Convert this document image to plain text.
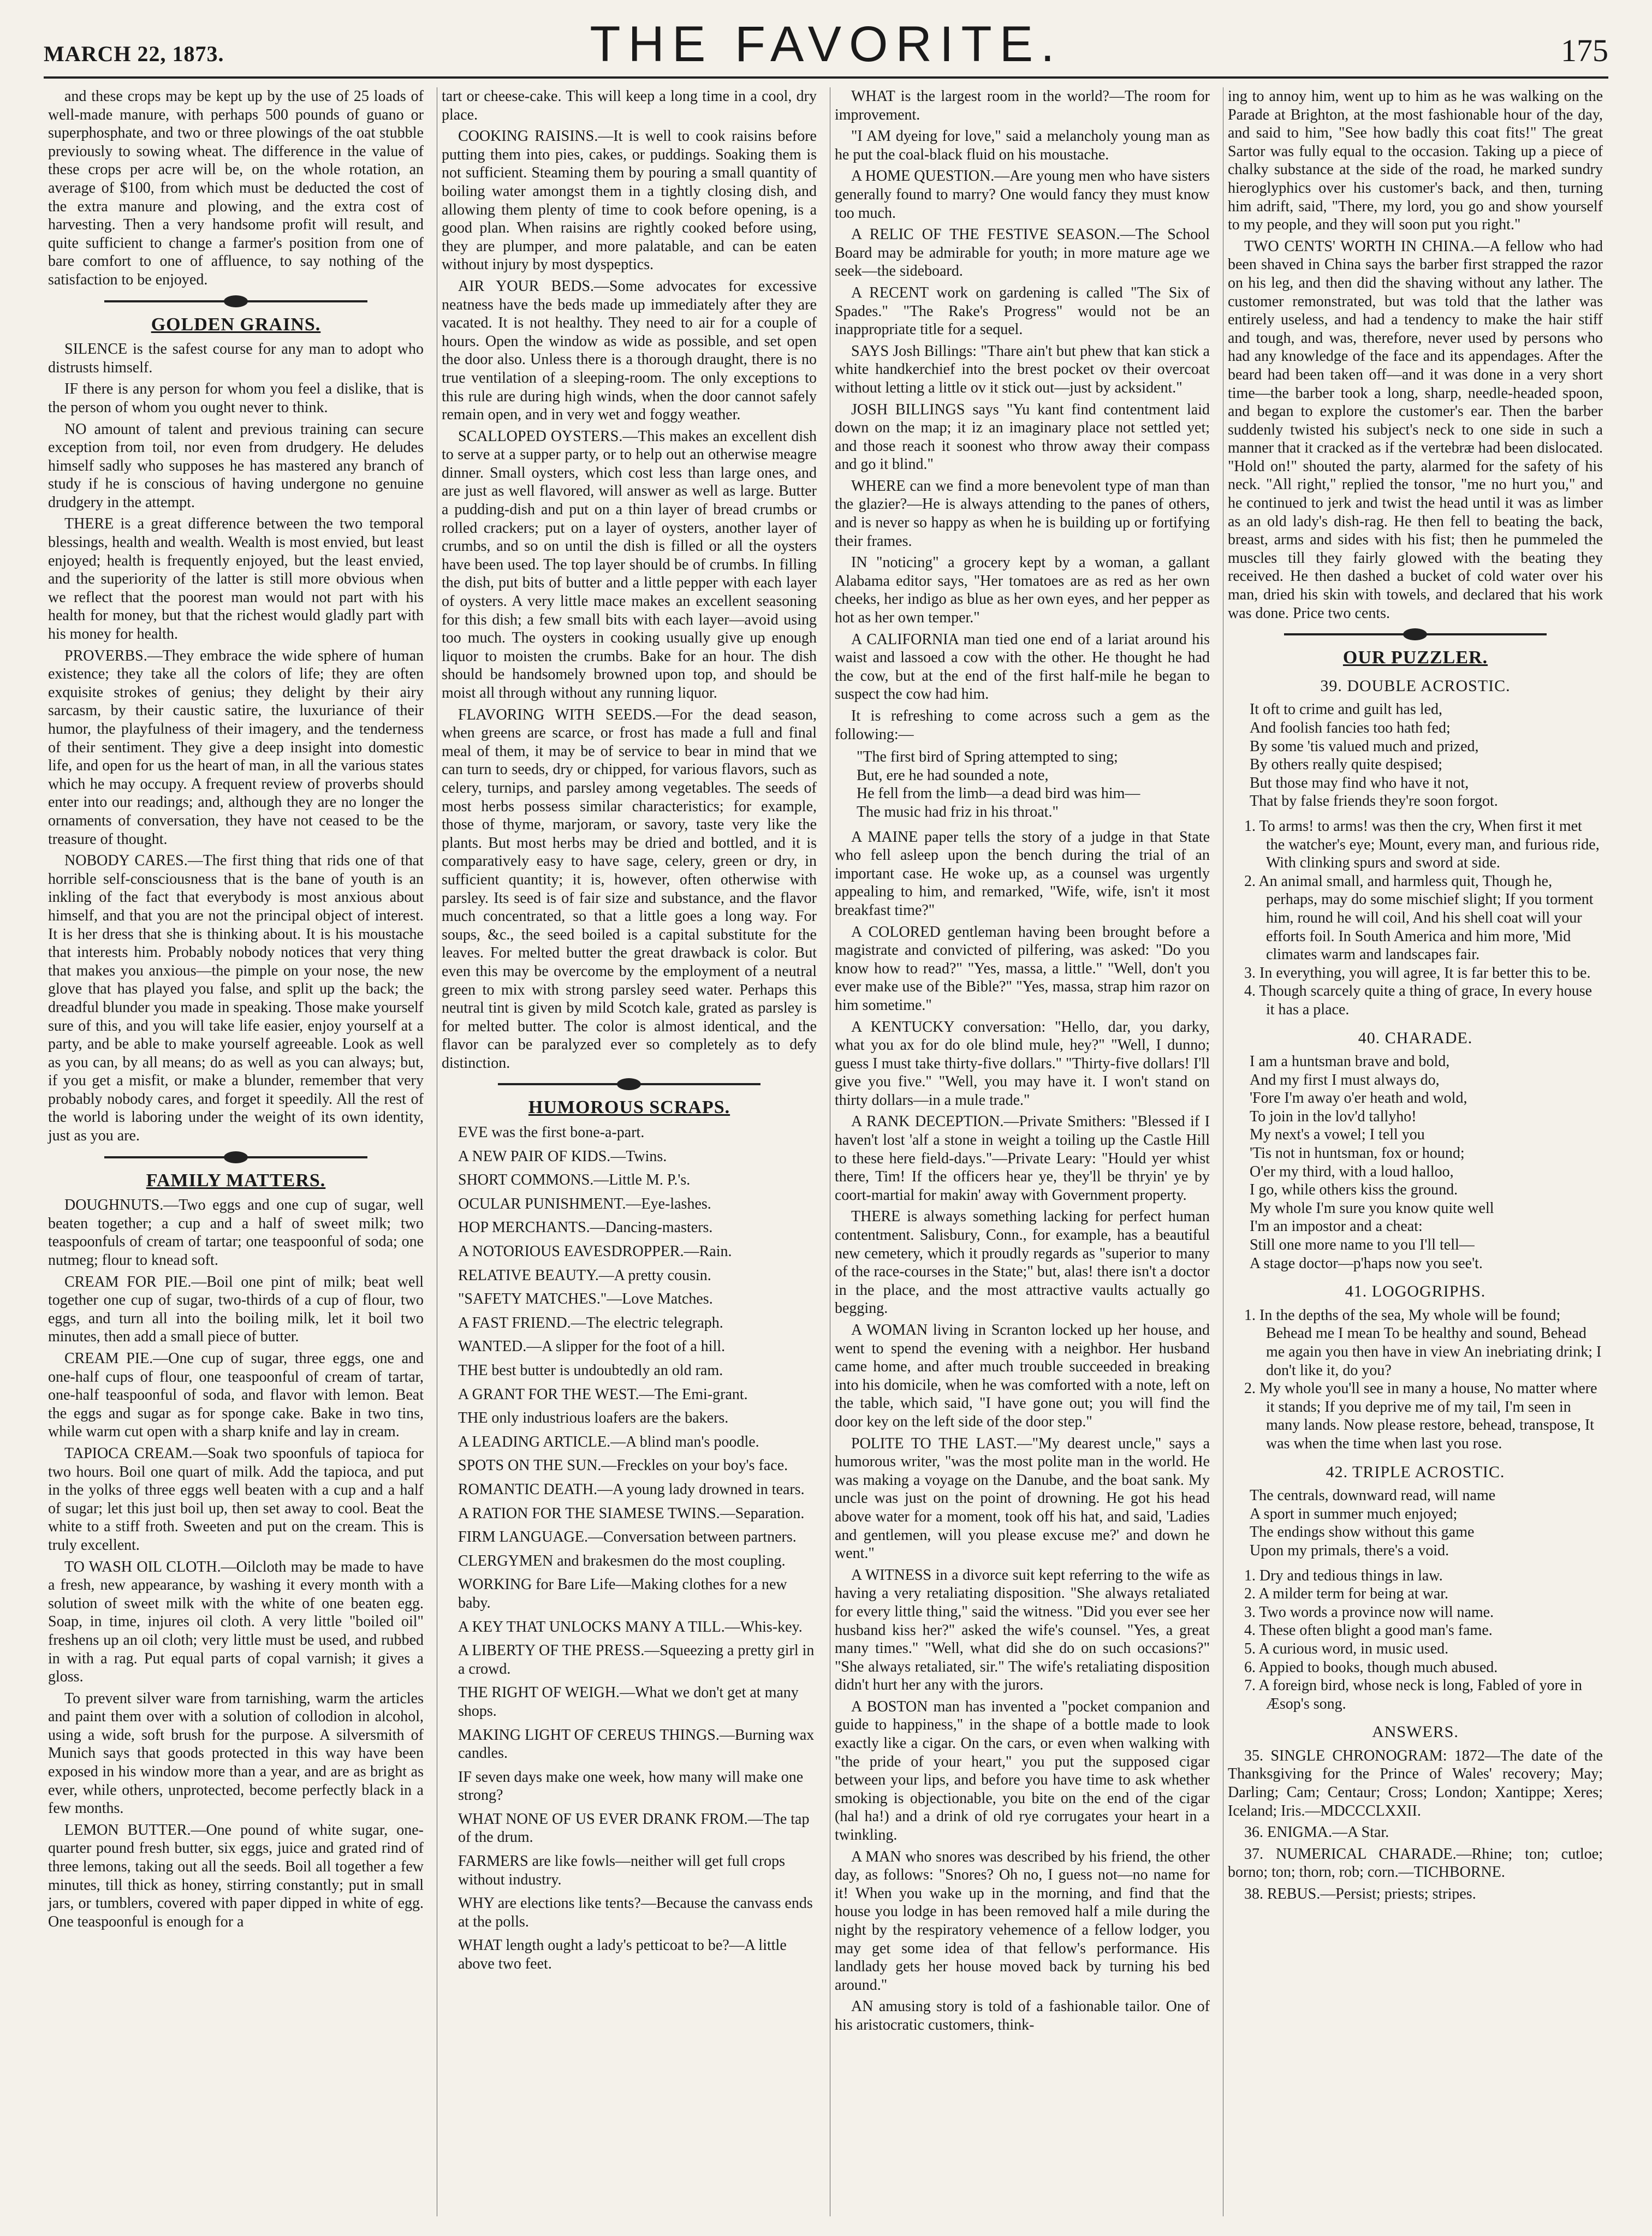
MARCH 22, 1873.	THE FAVORITE.	175

and these crops may be kept up by the use of 25 loads of well-made manure, with perhaps 500 pounds of guano or superphosphate, and two or three plowings of the oat stubble previously to sowing wheat. The difference in the value of these crops per acre will be, on the whole rotation, an average of $100, from which must be deducted the cost of the extra manure and plowing, and the extra cost of harvesting. Then a very handsome profit will result, and quite sufficient to change a farmer's position from one of bare comfort to one of affluence, to say nothing of the satisfaction to be enjoyed.

GOLDEN GRAINS.

SILENCE is the safest course for any man to adopt who distrusts himself.

IF there is any person for whom you feel a dislike, that is the person of whom you ought never to think.

NO amount of talent and previous training can secure exception from toil, nor even from drudgery. He deludes himself sadly who supposes he has mastered any branch of study if he is conscious of having undergone no genuine drudgery in the attempt.

THERE is a great difference between the two temporal blessings, health and wealth. Wealth is most envied, but least enjoyed; health is frequently enjoyed, but the least envied, and the superiority of the latter is still more obvious when we reflect that the poorest man would not part with his health for money, but that the richest would gladly part with his money for health.

PROVERBS.—They embrace the wide sphere of human existence; they take all the colors of life; they are often exquisite strokes of genius; they delight by their airy sarcasm, by their caustic satire, the luxuriance of their humor, the playfulness of their imagery, and the tenderness of their sentiment. They give a deep insight into domestic life, and open for us the heart of man, in all the various states which he may occupy. A frequent review of proverbs should enter into our readings; and, although they are no longer the ornaments of conversation, they have not ceased to be the treasure of thought.

NOBODY CARES.—The first thing that rids one of that horrible self-consciousness that is the bane of youth is an inkling of the fact that everybody is most anxious about himself, and that you are not the principal object of interest. It is her dress that she is thinking about. It is his moustache that interests him. Probably nobody notices that very thing that makes you anxious—the pimple on your nose, the new glove that has played you false, and split up the back; the dreadful blunder you made in speaking. Those make yourself sure of this, and you will take life easier, enjoy yourself at a party, and be able to make yourself agreeable. Look as well as you can, by all means; do as well as you can always; but, if you get a misfit, or make a blunder, remember that very probably nobody cares, and forget it speedily. All the rest of the world is laboring under the weight of its own identity, just as you are.

FAMILY MATTERS.

DOUGHNUTS.—Two eggs and one cup of sugar, well beaten together; a cup and a half of sweet milk; two teaspoonfuls of cream of tartar; one teaspoonful of soda; one nutmeg; flour to knead soft.

CREAM FOR PIE.—Boil one pint of milk; beat well together one cup of sugar, two-thirds of a cup of flour, two eggs, and turn all into the boiling milk, let it boil two minutes, then add a small piece of butter.

CREAM PIE.—One cup of sugar, three eggs, one and one-half cups of flour, one teaspoonful of cream of tartar, one-half teaspoonful of soda, and flavor with lemon. Beat the eggs and sugar as for sponge cake. Bake in two tins, while warm cut open with a sharp knife and lay in cream.

TAPIOCA CREAM.—Soak two spoonfuls of tapioca for two hours. Boil one quart of milk. Add the tapioca, and put in the yolks of three eggs well beaten with a cup and a half of sugar; let this just boil up, then set away to cool. Beat the white to a stiff froth. Sweeten and put on the cream. This is truly excellent.

TO WASH OIL CLOTH.—Oilcloth may be made to have a fresh, new appearance, by washing it every month with a solution of sweet milk with the white of one beaten egg. Soap, in time, injures oil cloth. A very little "boiled oil" freshens up an oil cloth; very little must be used, and rubbed in with a rag. Put equal parts of copal varnish; it gives a gloss.

To prevent silver ware from tarnishing, warm the articles and paint them over with a solution of collodion in alcohol, using a wide, soft brush for the purpose. A silversmith of Munich says that goods protected in this way have been exposed in his window more than a year, and are as bright as ever, while others, unprotected, become perfectly black in a few months.

LEMON BUTTER.—One pound of white sugar, one-quarter pound fresh butter, six eggs, juice and grated rind of three lemons, taking out all the seeds. Boil all together a few minutes, till thick as honey, stirring constantly; put in small jars, or tumblers, covered with paper dipped in white of egg. One teaspoonful is enough for a

tart or cheese-cake. This will keep a long time in a cool, dry place.

COOKING RAISINS.—It is well to cook raisins before putting them into pies, cakes, or puddings. Soaking them is not sufficient. Steaming them by pouring a small quantity of boiling water amongst them in a tightly closing dish, and allowing them plenty of time to cook before opening, is a good plan. When raisins are rightly cooked before using, they are plumper, and more palatable, and can be eaten without injury by most dyspeptics.

AIR YOUR BEDS.—Some advocates for excessive neatness have the beds made up immediately after they are vacated. It is not healthy. They need to air for a couple of hours. Open the window as wide as possible, and set open the door also. Unless there is a thorough draught, there is no true ventilation of a sleeping-room. The only exceptions to this rule are during high winds, when the door cannot safely remain open, and in very wet and foggy weather.

SCALLOPED OYSTERS.—This makes an excellent dish to serve at a supper party, or to help out an otherwise meagre dinner. Small oysters, which cost less than large ones, and are just as well flavored, will answer as well as large. Butter a pudding-dish and put on a thin layer of bread crumbs or rolled crackers; put on a layer of oysters, another layer of crumbs, and so on until the dish is filled or all the oysters have been used. The top layer should be of crumbs. In filling the dish, put bits of butter and a little pepper with each layer of oysters. A very little mace makes an excellent seasoning for this dish; a few small bits with each layer—avoid using too much. The oysters in cooking usually give up enough liquor to moisten the crumbs. Bake for an hour. The dish should be handsomely browned upon top, and should be moist all through without any running liquor.

FLAVORING WITH SEEDS.—For the dead season, when greens are scarce, or frost has made a full and final meal of them, it may be of service to bear in mind that we can turn to seeds, dry or chipped, for various flavors, such as celery, turnips, and parsley among vegetables. The seeds of most herbs possess similar characteristics; for example, those of thyme, marjoram, or savory, taste very like the plants. But most herbs may be dried and bottled, and it is comparatively easy to have sage, celery, green or dry, in sufficient quantity; it is, however, often otherwise with parsley. Its seed is of fair size and substance, and the flavor much concentrated, so that a little goes a long way. For soups, &c., the seed boiled is a capital substitute for the leaves. For melted butter the great drawback is color. But even this may be overcome by the employment of a neutral green to mix with strong parsley seed water. Perhaps this neutral tint is given by mild Scotch kale, grated as parsley is for melted butter. The color is almost identical, and the flavor can be paralyzed ever so completely as to defy distinction.

HUMOROUS SCRAPS.

EVE was the first bone-a-part.

A NEW PAIR OF KIDS.—Twins.

SHORT COMMONS.—Little M. P.'s.

OCULAR PUNISHMENT.—Eye-lashes.

HOP MERCHANTS.—Dancing-masters.

A NOTORIOUS EAVESDROPPER.—Rain.

RELATIVE BEAUTY.—A pretty cousin.

"SAFETY MATCHES."—Love Matches.

A FAST FRIEND.—The electric telegraph.

WANTED.—A slipper for the foot of a hill.

THE best butter is undoubtedly an old ram.

A GRANT FOR THE WEST.—The Emi-grant.

THE only industrious loafers are the bakers.

A LEADING ARTICLE.—A blind man's poodle.

SPOTS ON THE SUN.—Freckles on your boy's face.

ROMANTIC DEATH.—A young lady drowned in tears.

A RATION FOR THE SIAMESE TWINS.—Separation.

FIRM LANGUAGE.—Conversation between partners.

CLERGYMEN and brakesmen do the most coupling.

WORKING for Bare Life—Making clothes for a new baby.

A KEY THAT UNLOCKS MANY A TILL.—Whis-key.

A LIBERTY OF THE PRESS.—Squeezing a pretty girl in a crowd.

THE RIGHT OF WEIGH.—What we don't get at many shops.

MAKING LIGHT OF CEREUS THINGS.—Burning wax candles.

IF seven days make one week, how many will make one strong?

WHAT NONE OF US EVER DRANK FROM.—The tap of the drum.

FARMERS are like fowls—neither will get full crops without industry.

WHY are elections like tents?—Because the canvass ends at the polls.

WHAT length ought a lady's petticoat to be?—A little above two feet.

WHAT is the largest room in the world?—The room for improvement.

"I AM dyeing for love," said a melancholy young man as he put the coal-black fluid on his moustache.

A HOME QUESTION.—Are young men who have sisters generally found to marry? One would fancy they must know too much.

A RELIC OF THE FESTIVE SEASON.—The School Board may be admirable for youth; in more mature age we seek—the sideboard.

A RECENT work on gardening is called "The Six of Spades." "The Rake's Progress" would not be an inappropriate title for a sequel.

SAYS Josh Billings: "Thare ain't but phew that kan stick a white handkerchief into the brest pocket ov their overcoat without letting a little ov it stick out—just by acksident."

JOSH BILLINGS says "Yu kant find contentment laid down on the map; it iz an imaginary place not settled yet; and those reach it soonest who throw away their compass and go it blind."

WHERE can we find a more benevolent type of man than the glazier?—He is always attending to the panes of others, and is never so happy as when he is building up or fortifying their frames.

IN "noticing" a grocery kept by a woman, a gallant Alabama editor says, "Her tomatoes are as red as her own cheeks, her indigo as blue as her own eyes, and her pepper as hot as her own temper."

A CALIFORNIA man tied one end of a lariat around his waist and lassoed a cow with the other. He thought he had the cow, but at the end of the first half-mile he began to suspect the cow had him.

It is refreshing to come across such a gem as the following:—

"The first bird of Spring attempted to sing;
But, ere he had sounded a note,
He fell from the limb—a dead bird was him—
The music had friz in his throat."

A MAINE paper tells the story of a judge in that State who fell asleep upon the bench during the trial of an important case. He woke up, as a counsel was urgently appealing to him, and remarked, "Wife, wife, isn't it most breakfast time?"

A COLORED gentleman having been brought before a magistrate and convicted of pilfering, was asked: "Do you know how to read?" "Yes, massa, a little." "Well, don't you ever make use of the Bible?" "Yes, massa, strap him razor on him sometime."

A KENTUCKY conversation: "Hello, dar, you darky, what you ax for do ole blind mule, hey?" "Well, I dunno; guess I must take thirty-five dollars." "Thirty-five dollars! I'll give you five." "Well, you may have it. I won't stand on thirty dollars—in a mule trade."

A RANK DECEPTION.—Private Smithers: "Blessed if I haven't lost 'alf a stone in weight a toiling up the Castle Hill to these here field-days."—Private Leary: "Hould yer whist there, Tim! If the officers hear ye, they'll be thryin' ye by coort-martial for makin' away with Government property.

THERE is always something lacking for perfect human contentment. Salisbury, Conn., for example, has a beautiful new cemetery, which it proudly regards as "superior to many of the race-courses in the State;" but, alas! there isn't a doctor in the place, and the most attractive vaults actually go begging.

A WOMAN living in Scranton locked up her house, and went to spend the evening with a neighbor. Her husband came home, and after much trouble succeeded in breaking into his domicile, when he was comforted with a note, left on the table, which said, "I have gone out; you will find the door key on the left side of the door step."

POLITE TO THE LAST.—"My dearest uncle," says a humorous writer, "was the most polite man in the world. He was making a voyage on the Danube, and the boat sank. My uncle was just on the point of drowning. He got his head above water for a moment, took off his hat, and said, 'Ladies and gentlemen, will you please excuse me?' and down he went."

A WITNESS in a divorce suit kept referring to the wife as having a very retaliating disposition. "She always retaliated for every little thing," said the witness. "Did you ever see her husband kiss her?" asked the wife's counsel. "Yes, a great many times." "Well, what did she do on such occasions?" "She always retaliated, sir." The wife's retaliating disposition didn't hurt her any with the jurors.

A BOSTON man has invented a "pocket companion and guide to happiness," in the shape of a bottle made to look exactly like a cigar. On the cars, or even when walking with "the pride of your heart," you put the supposed cigar between your lips, and before you have time to ask whether smoking is objectionable, you bite on the end of the cigar (hal ha!) and a drink of old rye corrugates your heart in a twinkling.

A MAN who snores was described by his friend, the other day, as follows: "Snores? Oh no, I guess not—no name for it! When you wake up in the morning, and find that the house you lodge in has been removed half a mile during the night by the respiratory vehemence of a fellow lodger, you may get some idea of that fellow's performance. His landlady gets her house moved back by turning his bed around."

AN amusing story is told of a fashionable tailor. One of his aristocratic customers, think-

ing to annoy him, went up to him as he was walking on the Parade at Brighton, at the most fashionable hour of the day, and said to him, "See how badly this coat fits!" The great Sartor was fully equal to the occasion. Taking up a piece of chalky substance at the side of the road, he marked sundry hieroglyphics over his customer's back, and then, turning him adrift, said, "There, my lord, you go and show yourself to my people, and they will soon put you right."

TWO CENTS' WORTH IN CHINA.—A fellow who had been shaved in China says the barber first strapped the razor on his leg, and then did the shaving without any lather. The customer remonstrated, but was told that the lather was entirely useless, and had a tendency to make the hair stiff and tough, and was, therefore, never used by persons who had any knowledge of the face and its appendages. After the beard had been taken off—and it was done in a very short time—the barber took a long, sharp, needle-headed spoon, and began to explore the customer's ear. Then the barber suddenly twisted his subject's neck to one side in such a manner that it cracked as if the vertebræ had been dislocated. "Hold on!" shouted the party, alarmed for the safety of his neck. "All right," replied the tonsor, "me no hurt you," and he continued to jerk and twist the head until it was as limber as an old lady's dish-rag. He then fell to beating the back, breast, arms and sides with his fist; then he pummeled the muscles till they fairly glowed with the beating they received. He then dashed a bucket of cold water over his man, dried his skin with towels, and declared that his work was done. Price two cents.

OUR PUZZLER.
39. DOUBLE ACROSTIC.
It oft to crime and guilt has led,
And foolish fancies too hath fed;
By some 'tis valued much and prized,
By others really quite despised;
But those may find who have it not,
That by false friends they're soon forgot.
1. To arms! to arms! was then the cry, When first it met the watcher's eye; Mount, every man, and furious ride, With clinking spurs and sword at side.
2. An animal small, and harmless quit, Though he, perhaps, may do some mischief slight; If you torment him, round he will coil, And his shell coat will your efforts foil. In South America and him more, 'Mid climates warm and landscapes fair.
3. In everything, you will agree, It is far better this to be.
4. Though scarcely quite a thing of grace, In every house it has a place.
40. CHARADE.
I am a huntsman brave and bold,
And my first I must always do,
'Fore I'm away o'er heath and wold,
To join in the lov'd tallyho!
My next's a vowel; I tell you
'Tis not in huntsman, fox or hound;
O'er my third, with a loud halloo,
I go, while others kiss the ground.
My whole I'm sure you know quite well
I'm an impostor and a cheat:
Still one more name to you I'll tell—
A stage doctor—p'haps now you see't.
41. LOGOGRIPHS.
1. In the depths of the sea, My whole will be found; Behead me I mean To be healthy and sound, Behead me again you then have in view An inebriating drink; I don't like it, do you?
2. My whole you'll see in many a house, No matter where it stands; If you deprive me of my tail, I'm seen in many lands. Now please restore, behead, transpose, It was when the time when last you rose.
42. TRIPLE ACROSTIC.
The centrals, downward read, will name
A sport in summer much enjoyed;
The endings show without this game
Upon my primals, there's a void.
1. Dry and tedious things in law.
2. A milder term for being at war.
3. Two words a province now will name.
4. These often blight a good man's fame.
5. A curious word, in music used.
6. Appied to books, though much abused.
7. A foreign bird, whose neck is long, Fabled of yore in Æsop's song.
ANSWERS.

35. SINGLE CHRONOGRAM: 1872—The date of the Thanksgiving for the Prince of Wales' recovery; May; Darling; Cam; Centaur; Cross; London; Xantippe; Xeres; Iceland; Iris.—MDCCCLXXII.

36. ENIGMA.—A Star.

37. NUMERICAL CHARADE.—Rhine; ton; cutloe; borno; ton; thorn, rob; corn.—TICHBORNE.

38. REBUS.—Persist; priests; stripes.
